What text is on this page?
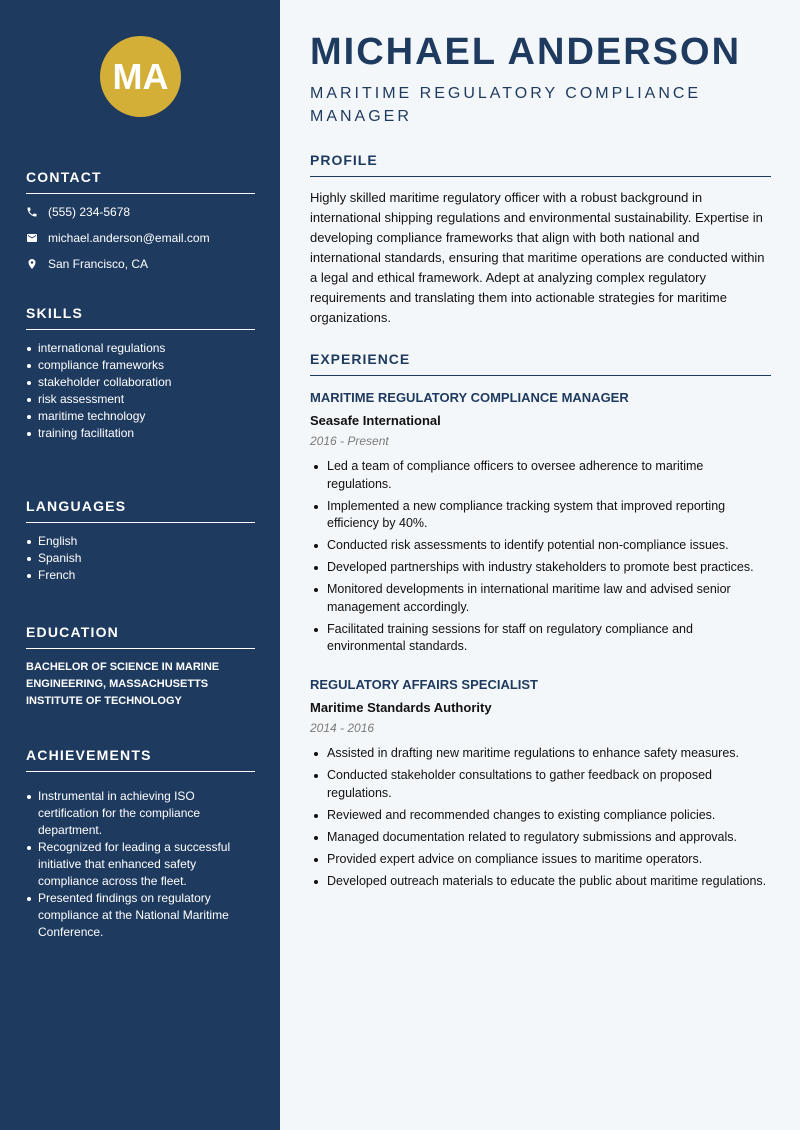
MA
CONTACT
(555) 234-5678
michael.anderson@email.com
San Francisco, CA
SKILLS
international regulations
compliance frameworks
stakeholder collaboration
risk assessment
maritime technology
training facilitation
LANGUAGES
English
Spanish
French
EDUCATION
BACHELOR OF SCIENCE IN MARINE ENGINEERING, MASSACHUSETTS INSTITUTE OF TECHNOLOGY
ACHIEVEMENTS
Instrumental in achieving ISO certification for the compliance department.
Recognized for leading a successful initiative that enhanced safety compliance across the fleet.
Presented findings on regulatory compliance at the National Maritime Conference.
MICHAEL ANDERSON
MARITIME REGULATORY COMPLIANCE MANAGER
PROFILE
Highly skilled maritime regulatory officer with a robust background in international shipping regulations and environmental sustainability. Expertise in developing compliance frameworks that align with both national and international standards, ensuring that maritime operations are conducted within a legal and ethical framework. Adept at analyzing complex regulatory requirements and translating them into actionable strategies for maritime organizations.
EXPERIENCE
MARITIME REGULATORY COMPLIANCE MANAGER
Seasafe International
2016 - Present
Led a team of compliance officers to oversee adherence to maritime regulations.
Implemented a new compliance tracking system that improved reporting efficiency by 40%.
Conducted risk assessments to identify potential non-compliance issues.
Developed partnerships with industry stakeholders to promote best practices.
Monitored developments in international maritime law and advised senior management accordingly.
Facilitated training sessions for staff on regulatory compliance and environmental standards.
REGULATORY AFFAIRS SPECIALIST
Maritime Standards Authority
2014 - 2016
Assisted in drafting new maritime regulations to enhance safety measures.
Conducted stakeholder consultations to gather feedback on proposed regulations.
Reviewed and recommended changes to existing compliance policies.
Managed documentation related to regulatory submissions and approvals.
Provided expert advice on compliance issues to maritime operators.
Developed outreach materials to educate the public about maritime regulations.
